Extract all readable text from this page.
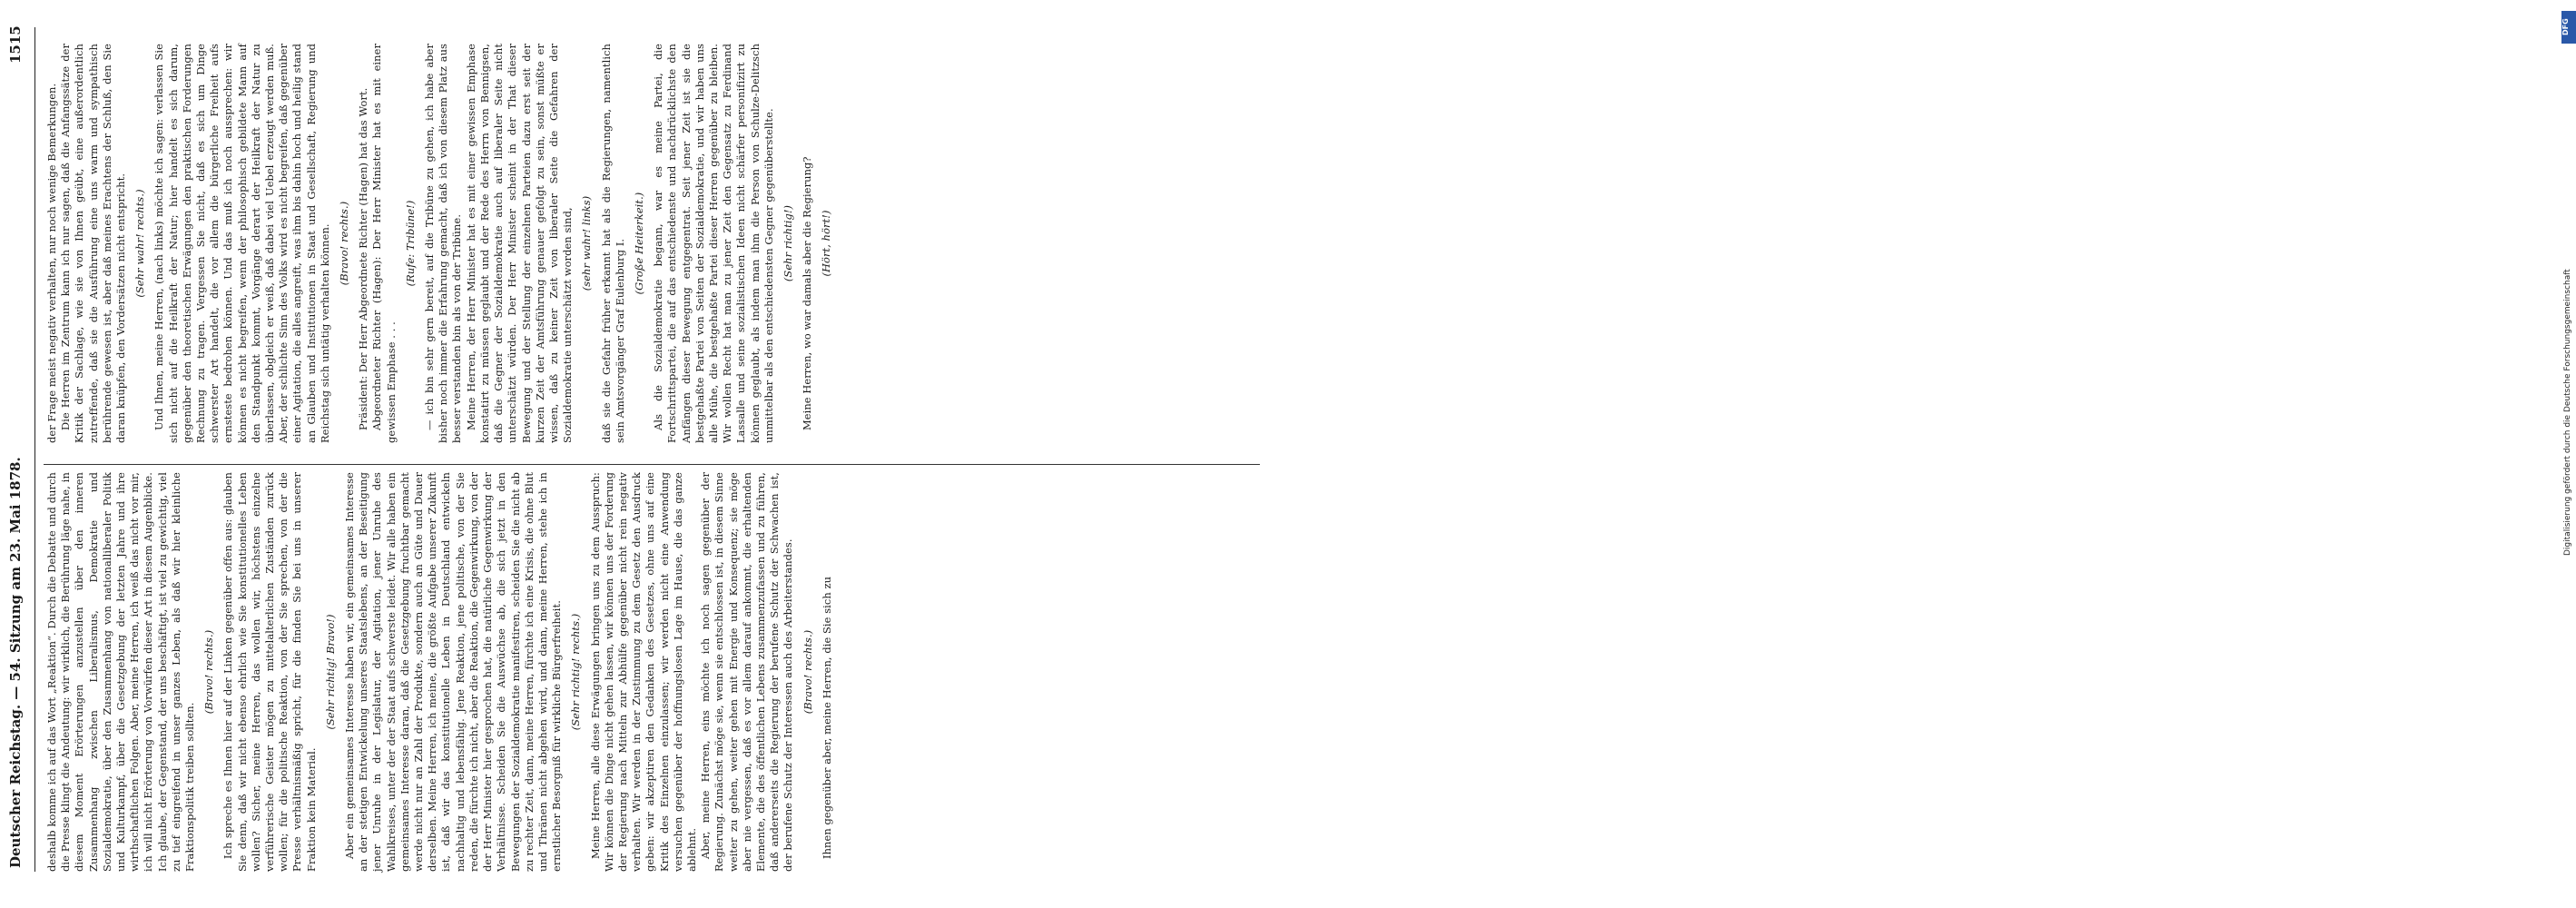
Deutscher Reichstag. — 54. Sitzung am 23. Mai 1878.
1515

deshalb komme ich auf das Wort „Reaktion“. Durch die Debatte und durch die Presse klingt die Andeutung: wir wirklich, die Berührung läge nahe, in diesem Moment Erörterungen anzustellen über den inneren Zusammenhang zwischen Liberalismus, Demokratie und Sozialdemokratie, über den Zusammenhang von nationalliberaler Politik und Kulturkampf, über die Gesetzgebung der letzten Jahre und ihre wirthschaftlichen Folgen. Aber, meine Herren, ich weiß das nicht vor mir, ich will nicht Erörterung von Vorwürfen dieser Art in diesem Augenblicke. Ich glaube, der Gegenstand, der uns beschäftigt, ist viel zu gewichtig, viel zu tief eingreifend in unser ganzes Leben, als daß wir hier kleinliche Fraktionspolitik treiben sollten.

(Bravo! rechts.) Ich spreche es Ihnen hier auf der Linken gegenüber offen aus: glauben Sie denn, daß wir nicht ebenso ehrlich wie Sie konstitutionelles Leben wollen? Sicher, meine Herren, das wollen wir, höchstens einzelne verführerische Geister mögen zu mittelalterlichen Zuständen zurück wollen; für die politische Reaktion, von der Sie sprechen, von der die Presse verhältnismäßig spricht, für die finden Sie bei uns in unserer Fraktion kein Material.

(Sehr richtig! Bravo!) Aber ein gemeinsames Interesse haben wir, ein gemeinsames Interesse an der stetigen Entwickelung unseres Staatslebens, an der Beseitigung jener Unruhe in der Legislatur, der Agitation, jener Unruhe des Wahlkreises, unter der der Staat aufs schwerste leidet. Wir alle haben ein gemeinsames Interesse daran, daß die Gesetzgebung fruchtbar gemacht werde nicht nur an Zahl der Produkte, sondern auch an Güte und Dauer derselben. Meine Herren, ich meine, die größte Aufgabe unserer Zukunft ist, daß wir das konstitutionelle Leben in Deutschland entwickeln nachhaltig und lebensfähig. Jene Reaktion, jene politische, von der Sie reden, die fürchte ich nicht, aber die Reaktion, die Gegenwirkung, von der der Herr Minister hier gesprochen hat, die natürliche Gegenwirkung der Verhältnisse. Scheiden Sie die Auswüchse ab, die sich jetzt in den Bewegungen der Sozialdemokratie manifestiren, scheiden Sie die nicht ab zu rechter Zeit, dann, meine Herren, fürchte ich eine Krisis, die ohne Blut und Thränen nicht abgehen wird, und dann, meine Herren, stehe ich in ernstlicher Besorgniß für wirkliche Bürgerfreiheit. (Sehr richtig! rechts.) Meine Herren, alle diese Erwägungen bringen uns zu dem Ausspruch: Wir können die Dinge nicht gehen lassen, wir können uns der Forderung der Regierung nach Mitteln zur Abhülfe gegenüber nicht rein negativ verhalten. Wir werden in der Zustimmung zu dem Gesetz den Ausdruck geben: wir akzeptiren den Gedanken des Gesetzes, ohne uns auf eine Kritik des Einzelnen einzulassen; wir werden nicht eine Anwendung versuchen gegenüber der hoffnungslosen Lage im Hause, die das ganze ablehnt. Aber, meine Herren, eins möchte ich noch sagen gegenüber der Regierung. Zunächst möge sie, wenn sie entschlossen ist, in diesem Sinne weiter zu gehen, weiter gehen mit Energie und Konsequenz; sie möge aber nie vergessen, daß es vor allem darauf ankommt, die erhaltenden Elemente, die des öffentlichen Lebens zusammenzufassen und zu führen, daß andererseits die Regierung der berufene Schutz der Schwachen ist, der berufene Schutz der Interessen auch des Arbeiterstandes. (Bravo! rechts.) Ihnen gegenüber aber, meine Herren, die Sie sich zu

der Frage meist negativ verhalten, nur noch wenige Bemerkungen. Die Herren im Zentrum kann ich nur sagen, daß die Anfangssätze der Kritik der Sachlage, wie sie von Ihnen geübt, eine außerordentlich zutreffende, daß sie die Ausführung eine uns warm und sympathisch berührende gewesen ist, aber daß meines Erachtens der Schluß, den Sie daran knüpfen, den Vordersätzen nicht entspricht. (Sehr wahr! rechts.) Und Ihnen, meine Herren, (nach links) möchte ich sagen: verlassen Sie sich nicht auf die Heilkraft der Natur; hier handelt es sich darum, gegenüber den theoretischen Erwägungen den praktischen Forderungen Rechnung zu tragen. Vergessen Sie nicht, daß es sich um Dinge schwerster Art handelt, die vor allem die bürgerliche Freiheit aufs ernsteste bedrohen können. Und das muß ich noch aussprechen: wir können es nicht begreifen, wenn der philosophisch gebildete Mann auf den Standpunkt kommt, Vorgänge derart der Heilkraft der Natur zu überlassen, obgleich er weiß, daß dabei viel Uebel erzeugt werden muß. Aber, der schlichte Sinn des Volks wird es nicht begreifen, daß gegenüber einer Agitation, die alles angreift, was ihm bis dahin hoch und heilig stand an Glauben und Institutionen in Staat und Gesellschaft, Regierung und Reichstag sich untätig verhalten können. (Bravo! rechts.) Präsident: Der Herr Abgeordnete Richter (Hagen) hat das Wort. Abgeordneter Richter (Hagen): Der Herr Minister hat es mit einer gewissen Emphase . . .

(Rufe: Tribüne!) — ich bin sehr gern bereit, auf die Tribüne zu gehen, ich habe aber bisher noch immer die Erfahrung gemacht, daß ich von diesem Platz aus besser verstanden bin als von der Tribüne. Meine Herren, der Herr Minister hat es mit einer gewissen Emphase konstatirt zu müssen geglaubt und der Rede des Herrn von Bennigsen, daß die Gegner der Sozialdemokratie auch auf liberaler Seite nicht unterschätzt würden. Der Herr Minister scheint in der That dieser Bewegung und der Stellung der einzelnen Parteien dazu erst seit der kurzen Zeit der Amtsführung genauer gefolgt zu sein, sonst müßte er wissen, daß zu keiner Zeit von liberaler Seite die Gefahren der Sozialdemokratie unterschätzt worden sind, (sehr wahr! links) daß sie die Gefahr früher erkannt hat als die Regierungen, namentlich sein Amtsvorgänger Graf Eulenburg I. (Große Heiterkeit.) Als die Sozialdemokratie begann, war es meine Partei, die Fortschrittspartei, die auf das entschiedenste und nachdrücklichste den Anfängen dieser Bewegung entgegentrat. Seit jener Zeit ist sie die bestgehaßte Partei von Seiten der Sozialdemokratie, und wir haben uns alle Mühe, die bestgehaßte Partei dieser Herren gegenüber zu bleiben. Wir wollen Recht hat man zu jener Zeit den Gegensatz zu Ferdinand Lassalle und seine sozialistischen Ideen nicht schärfer personifizirt zu können geglaubt, als indem man ihm die Person von Schulze-Delitzsch unmittelbar als den entschiedensten Gegner gegenüberstellte. (Sehr richtig!) Meine Herren, wo war damals aber die Regierung? (Hört, hört!)

DFG
Digitalisierung gefördert durch die Deutsche Forschungsgemeinschaft
